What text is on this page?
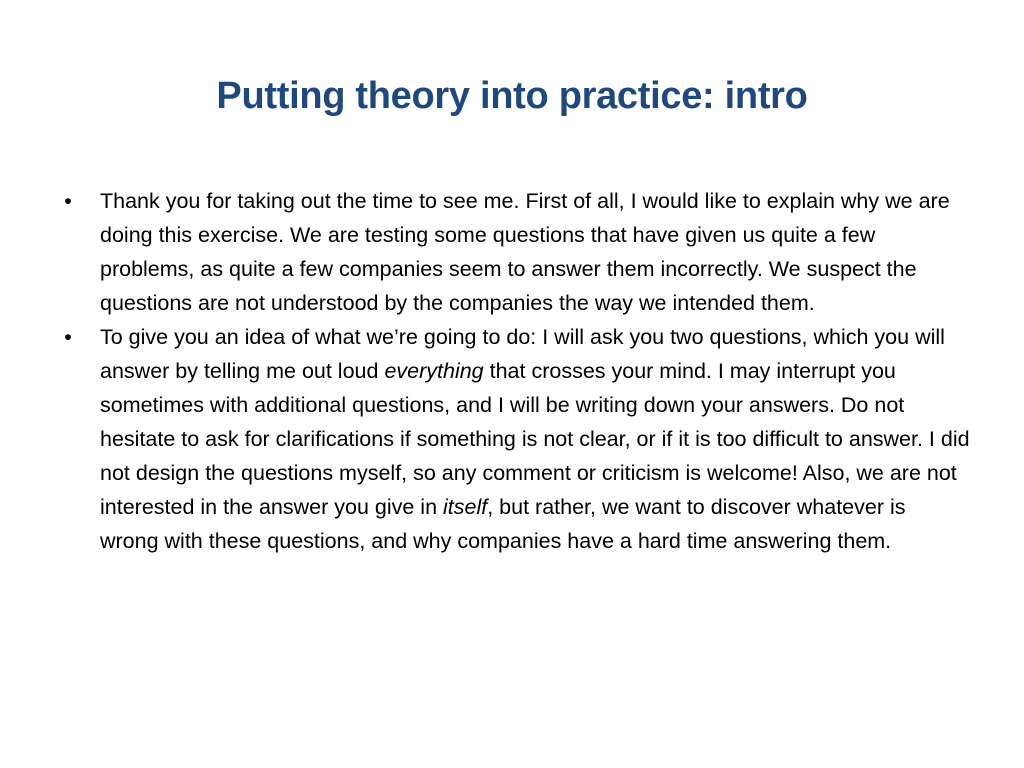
Putting theory into practice: intro
• Thank you for taking out the time to see me. First of all, I would like to explain why we are doing this exercise. We are testing some questions that have given us quite a few problems, as quite a few companies seem to answer them incorrectly. We suspect the questions are not understood by the companies the way we intended them.
• To give you an idea of what we’re going to do: I will ask you two questions, which you will answer by telling me out loud everything that crosses your mind. I may interrupt you sometimes with additional questions, and I will be writing down your answers. Do not hesitate to ask for clarifications if something is not clear, or if it is too difficult to answer. I did not design the questions myself, so any comment or criticism is welcome! Also, we are not interested in the answer you give in itself, but rather, we want to discover whatever is wrong with these questions, and why companies have a hard time answering them.
